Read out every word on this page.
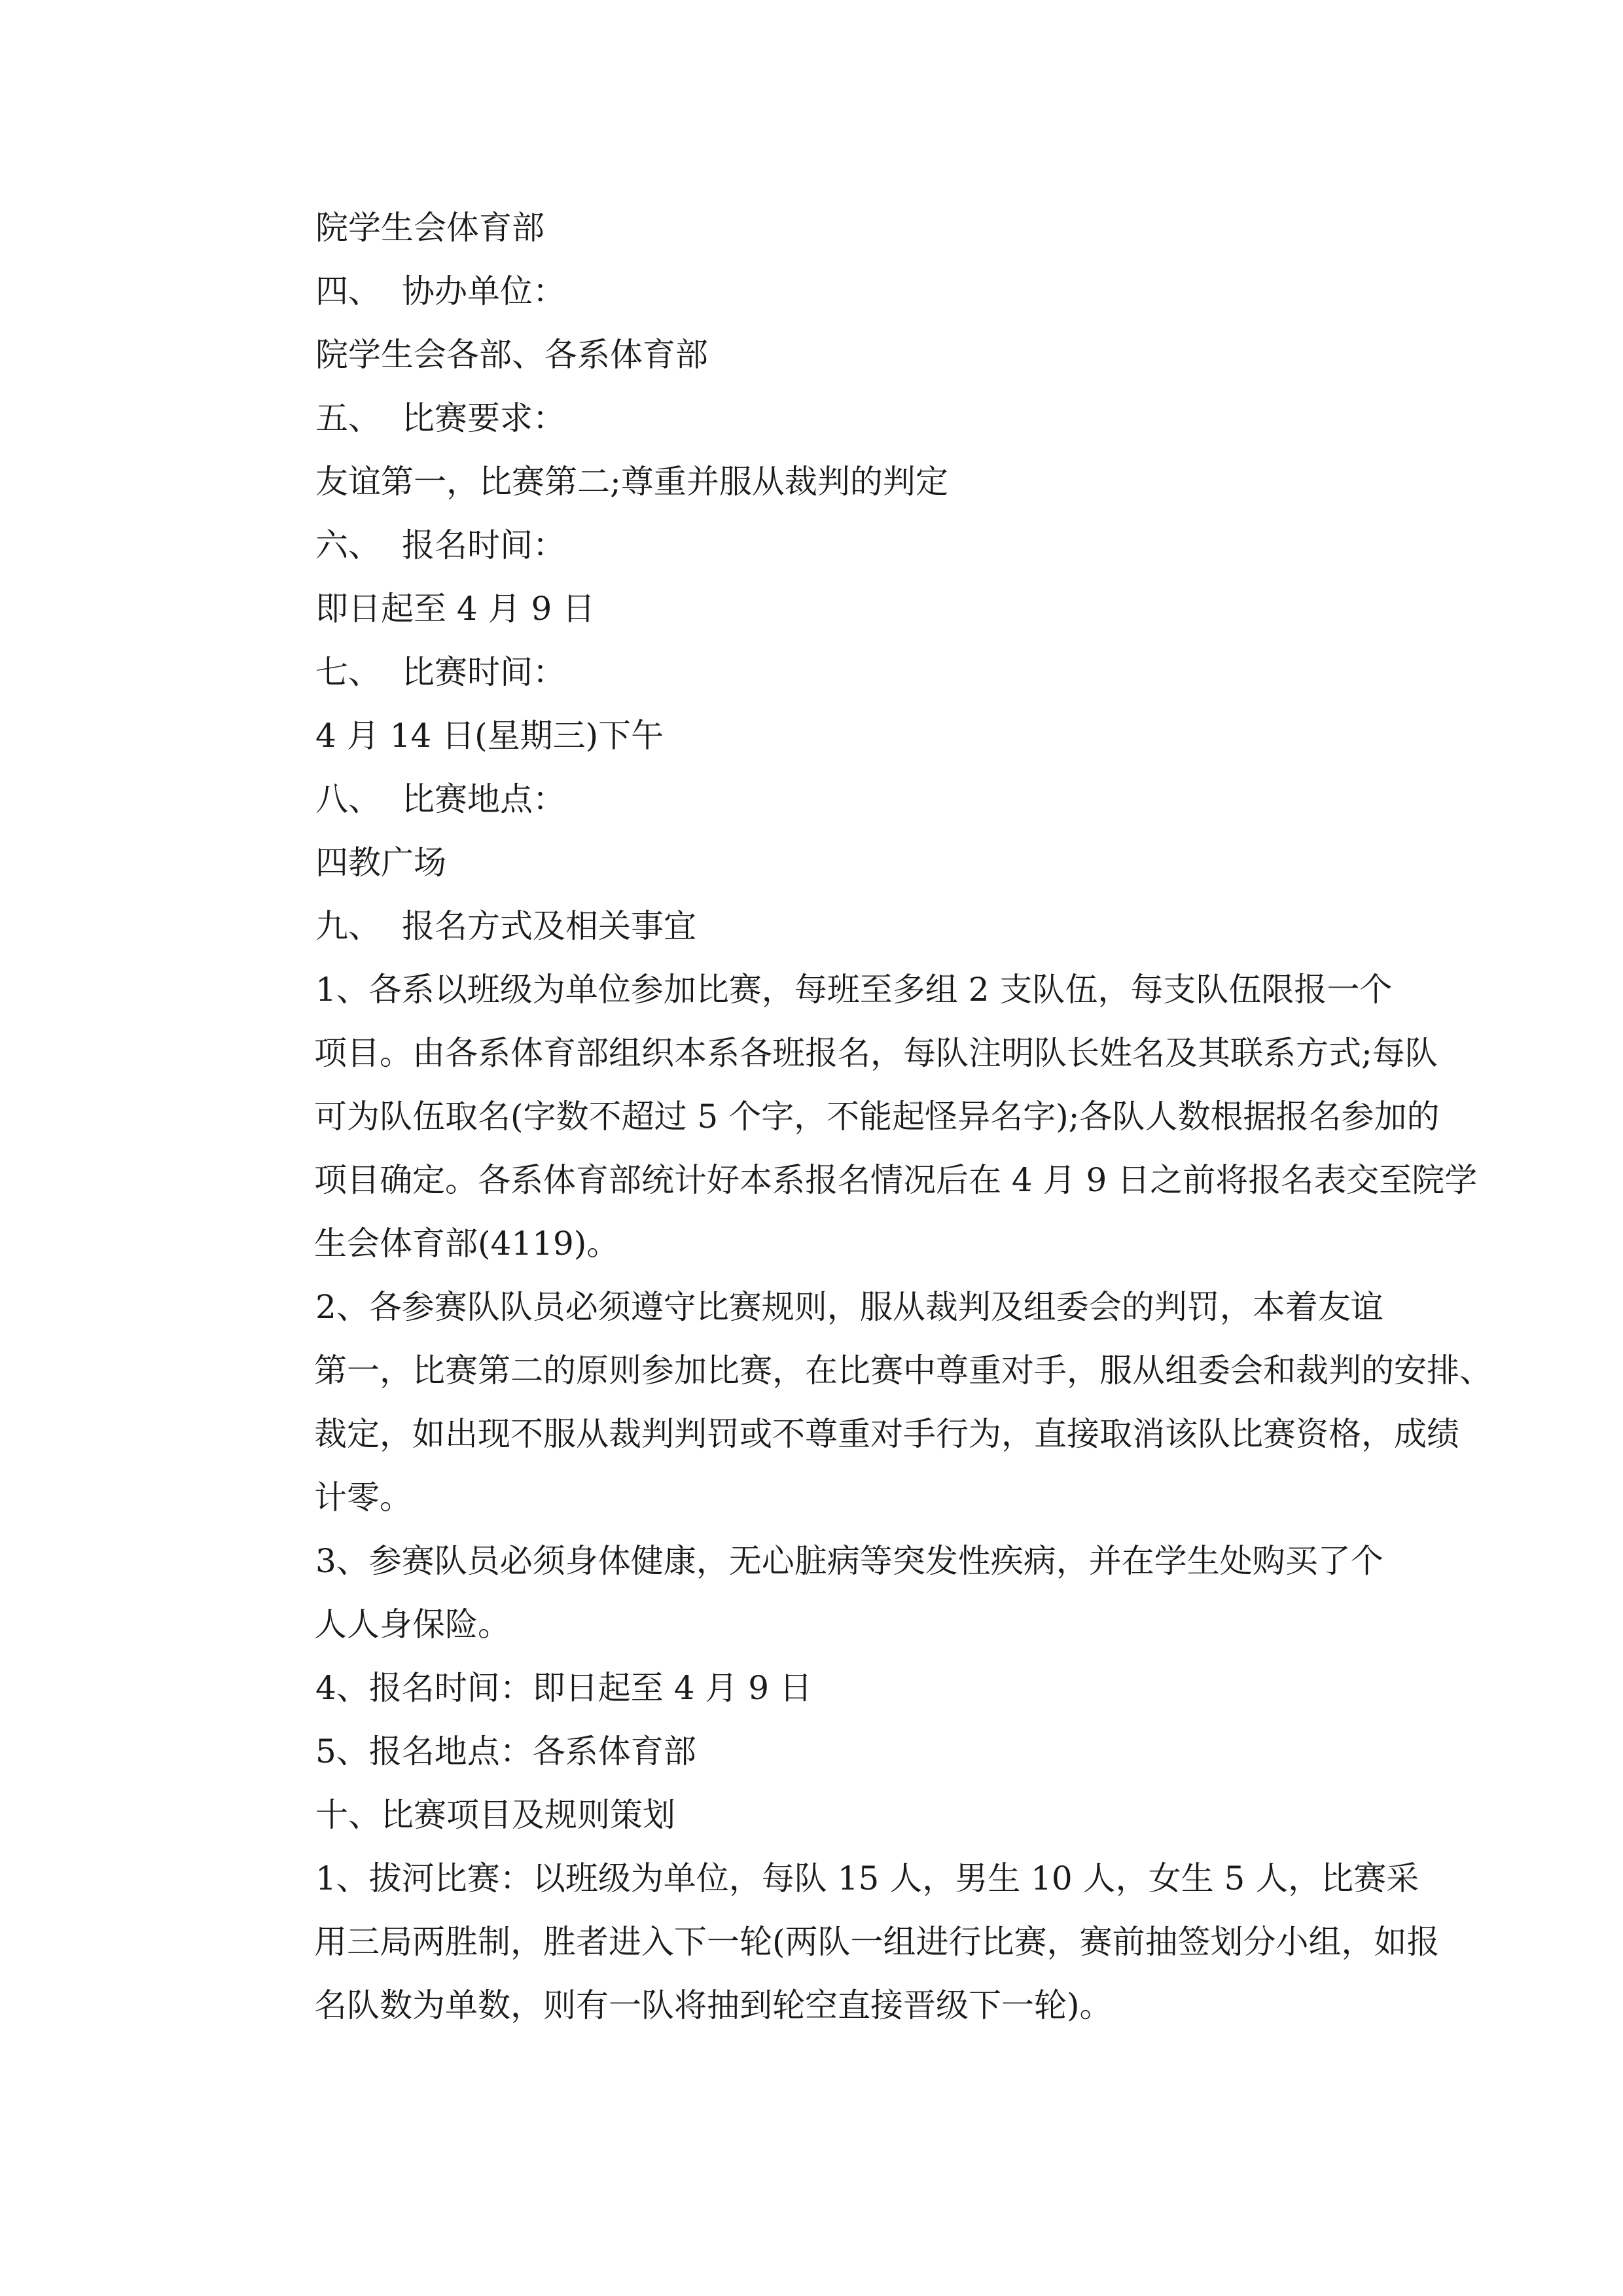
院学生会体育部
四、 协办单位：
院学生会各部、各系体育部
五、 比赛要求：
友谊第一，比赛第二;尊重并服从裁判的判定
六、 报名时间：
即日起至 4 月 9 日
七、 比赛时间：
4 月 14 日(星期三)下午
八、 比赛地点：
四教广场
九、 报名方式及相关事宜
1、各系以班级为单位参加比赛，每班至多组 2 支队伍，每支队伍限报一个
项目。由各系体育部组织本系各班报名，每队注明队长姓名及其联系方式;每队
可为队伍取名(字数不超过 5 个字，不能起怪异名字);各队人数根据报名参加的
项目确定。各系体育部统计好本系报名情况后在 4 月 9 日之前将报名表交至院学
生会体育部(4119)。
2、各参赛队队员必须遵守比赛规则，服从裁判及组委会的判罚，本着友谊
第一，比赛第二的原则参加比赛，在比赛中尊重对手，服从组委会和裁判的安排、
裁定，如出现不服从裁判判罚或不尊重对手行为，直接取消该队比赛资格，成绩
计零。
3、参赛队员必须身体健康，无心脏病等突发性疾病，并在学生处购买了个
人人身保险。
4、报名时间：即日起至 4 月 9 日
5、报名地点：各系体育部
十、比赛项目及规则策划
1、拔河比赛：以班级为单位，每队 15 人，男生 10 人，女生 5 人，比赛采
用三局两胜制，胜者进入下一轮(两队一组进行比赛，赛前抽签划分小组，如报
名队数为单数，则有一队将抽到轮空直接晋级下一轮)。
